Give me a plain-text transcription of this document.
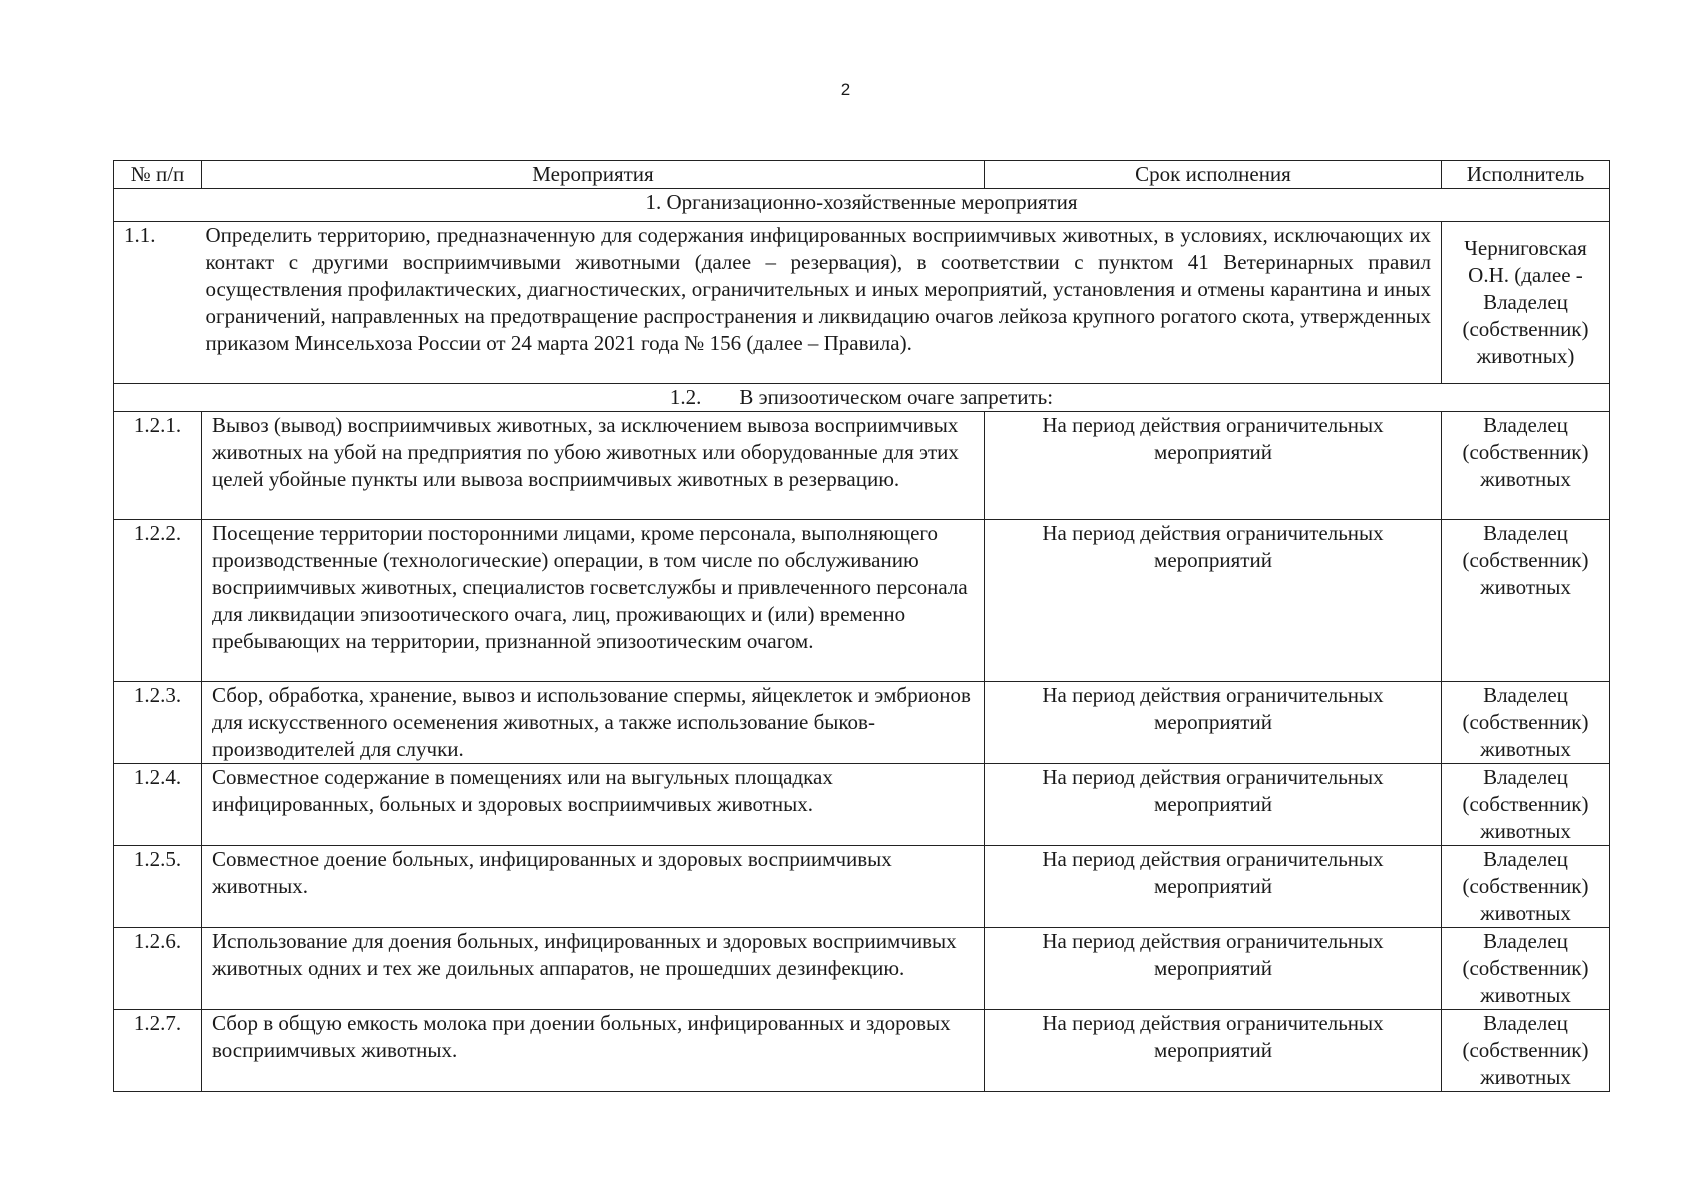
2
№ п/п	Мероприятия	Срок исполнения	Исполнитель
1. Организационно-хозяйственные мероприятия			
1.1.	Определить территорию, предназначенную для содержания инфицированных восприимчивых животных, в условиях, исключающих их контакт с другими восприимчивыми животными (далее – резервация), в соответствии с пунктом 41 Ветеринарных правил осуществления профилактических, диагностических, ограничительных и иных мероприятий, установления и отмены карантина и иных ограничений, направленных на предотвращение распространения и ликвидацию очагов лейкоза крупного рогатого скота, утвержденных приказом Минсельхоза России от 24 марта 2021 года № 156 (далее – Правила).		Черниговская О.Н. (далее - Владелец (собственник) животных)
1.2. В эпизоотическом очаге запретить:			
1.2.1.	Вывоз (вывод) восприимчивых животных, за исключением вывоза восприимчивых животных на убой на предприятия по убою животных или оборудованные для этих целей убойные пункты или вывоза восприимчивых животных в резервацию.	На период действия ограничительных мероприятий	Владелец (собственник) животных
1.2.2.	Посещение территории посторонними лицами, кроме персонала, выполняющего производственные (технологические) операции, в том числе по обслуживанию восприимчивых животных, специалистов госветслужбы и привлеченного персонала для ликвидации эпизоотического очага, лиц, проживающих и (или) временно пребывающих на территории, признанной эпизоотическим очагом.	На период действия ограничительных мероприятий	Владелец (собственник) животных
1.2.3.	Сбор, обработка, хранение, вывоз и использование спермы, яйцеклеток и эмбрионов для искусственного осеменения животных, а также использование быков-производителей для случки.	На период действия ограничительных мероприятий	Владелец (собственник) животных
1.2.4.	Совместное содержание в помещениях или на выгульных площадках инфицированных, больных и здоровых восприимчивых животных.	На период действия ограничительных мероприятий	Владелец (собственник) животных
1.2.5.	Совместное доение больных, инфицированных и здоровых восприимчивых животных.	На период действия ограничительных мероприятий	Владелец (собственник) животных
1.2.6.	Использование для доения больных, инфицированных и здоровых восприимчивых животных одних и тех же доильных аппаратов, не прошедших дезинфекцию.	На период действия ограничительных мероприятий	Владелец (собственник) животных
1.2.7.	Сбор в общую емкость молока при доении больных, инфицированных и здоровых восприимчивых животных.	На период действия ограничительных мероприятий	Владелец (собственник) животных
